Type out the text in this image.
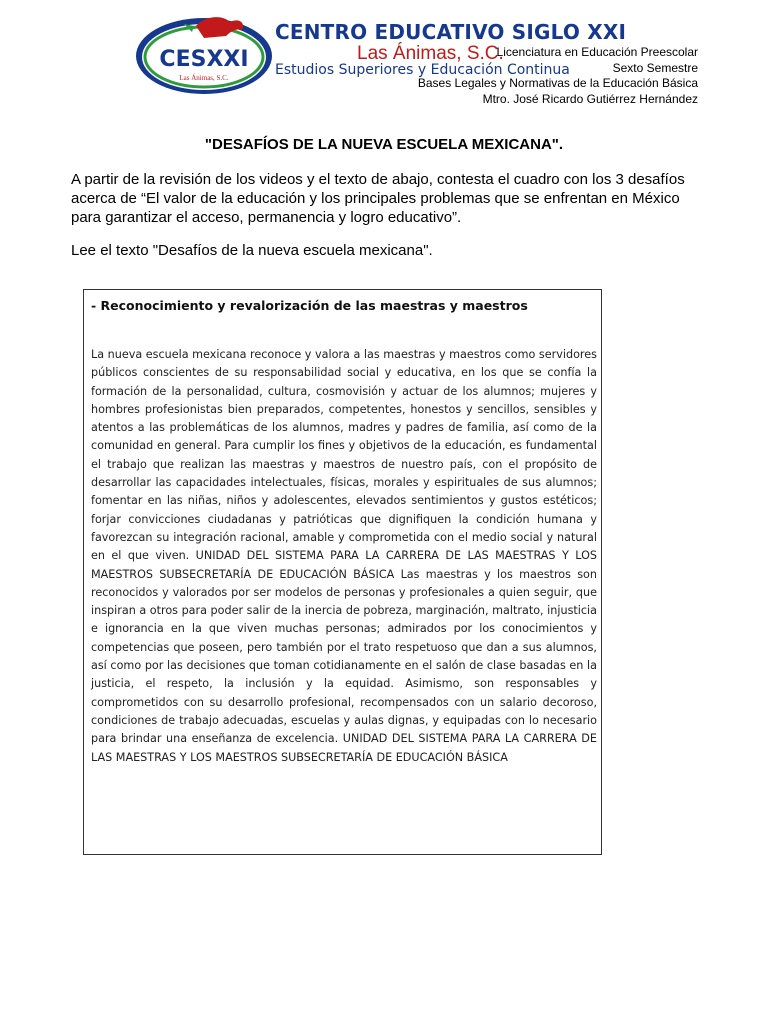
CESXXI
Las Ánimas, S.C.
CENTRO EDUCATIVO SIGLO XXI
Las Ánimas, S.C.
Estudios Superiores y Educación Continua
Licenciatura en Educación Preescolar
Sexto Semestre
Bases Legales y Normativas de la Educación Básica
Mtro. José Ricardo Gutiérrez Hernández
"DESAFÍOS DE LA NUEVA ESCUELA MEXICANA".
A partir de la revisión de los videos y el texto de abajo, contesta el cuadro con los 3 desafíos acerca de “El valor de la educación y los principales problemas que se enfrentan en México para garantizar el acceso, permanencia y logro educativo”.
Lee el texto "Desafíos de la nueva escuela mexicana".
- Reconocimiento y revalorización de las maestras y maestros
La nueva escuela mexicana reconoce y valora a las maestras y maestros como servidores públicos conscientes de su responsabilidad social y educativa, en los que se confía la formación de la personalidad, cultura, cosmovisión y actuar de los alumnos; mujeres y hombres profesionistas bien preparados, competentes, honestos y sencillos, sensibles y atentos a las problemáticas de los alumnos, madres y padres de familia, así como de la comunidad en general. Para cumplir los fines y objetivos de la educación, es fundamental el trabajo que realizan las maestras y maestros de nuestro país, con el propósito de desarrollar las capacidades intelectuales, físicas, morales y espirituales de sus alumnos; fomentar en las niñas, niños y adolescentes, elevados sentimientos y gustos estéticos; forjar convicciones ciudadanas y patrióticas que dignifiquen la condición humana y favorezcan su integración racional, amable y comprometida con el medio social y natural en el que viven. UNIDAD DEL SISTEMA PARA LA CARRERA DE LAS MAESTRAS Y LOS MAESTROS SUBSECRETARÍA DE EDUCACIÓN BÁSICA Las maestras y los maestros son reconocidos y valorados por ser modelos de personas y profesionales a quien seguir, que inspiran a otros para poder salir de la inercia de pobreza, marginación, maltrato, injusticia e ignorancia en la que viven muchas personas; admirados por los conocimientos y competencias que poseen, pero también por el trato respetuoso que dan a sus alumnos, así como por las decisiones que toman cotidianamente en el salón de clase basadas en la justicia, el respeto, la inclusión y la equidad. Asimismo, son responsables y comprometidos con su desarrollo profesional, recompensados con un salario decoroso, condiciones de trabajo adecuadas, escuelas y aulas dignas, y equipadas con lo necesario para brindar una enseñanza de excelencia. UNIDAD DEL SISTEMA PARA LA CARRERA DE LAS MAESTRAS Y LOS MAESTROS SUBSECRETARÍA DE EDUCACIÓN BÁSICA
